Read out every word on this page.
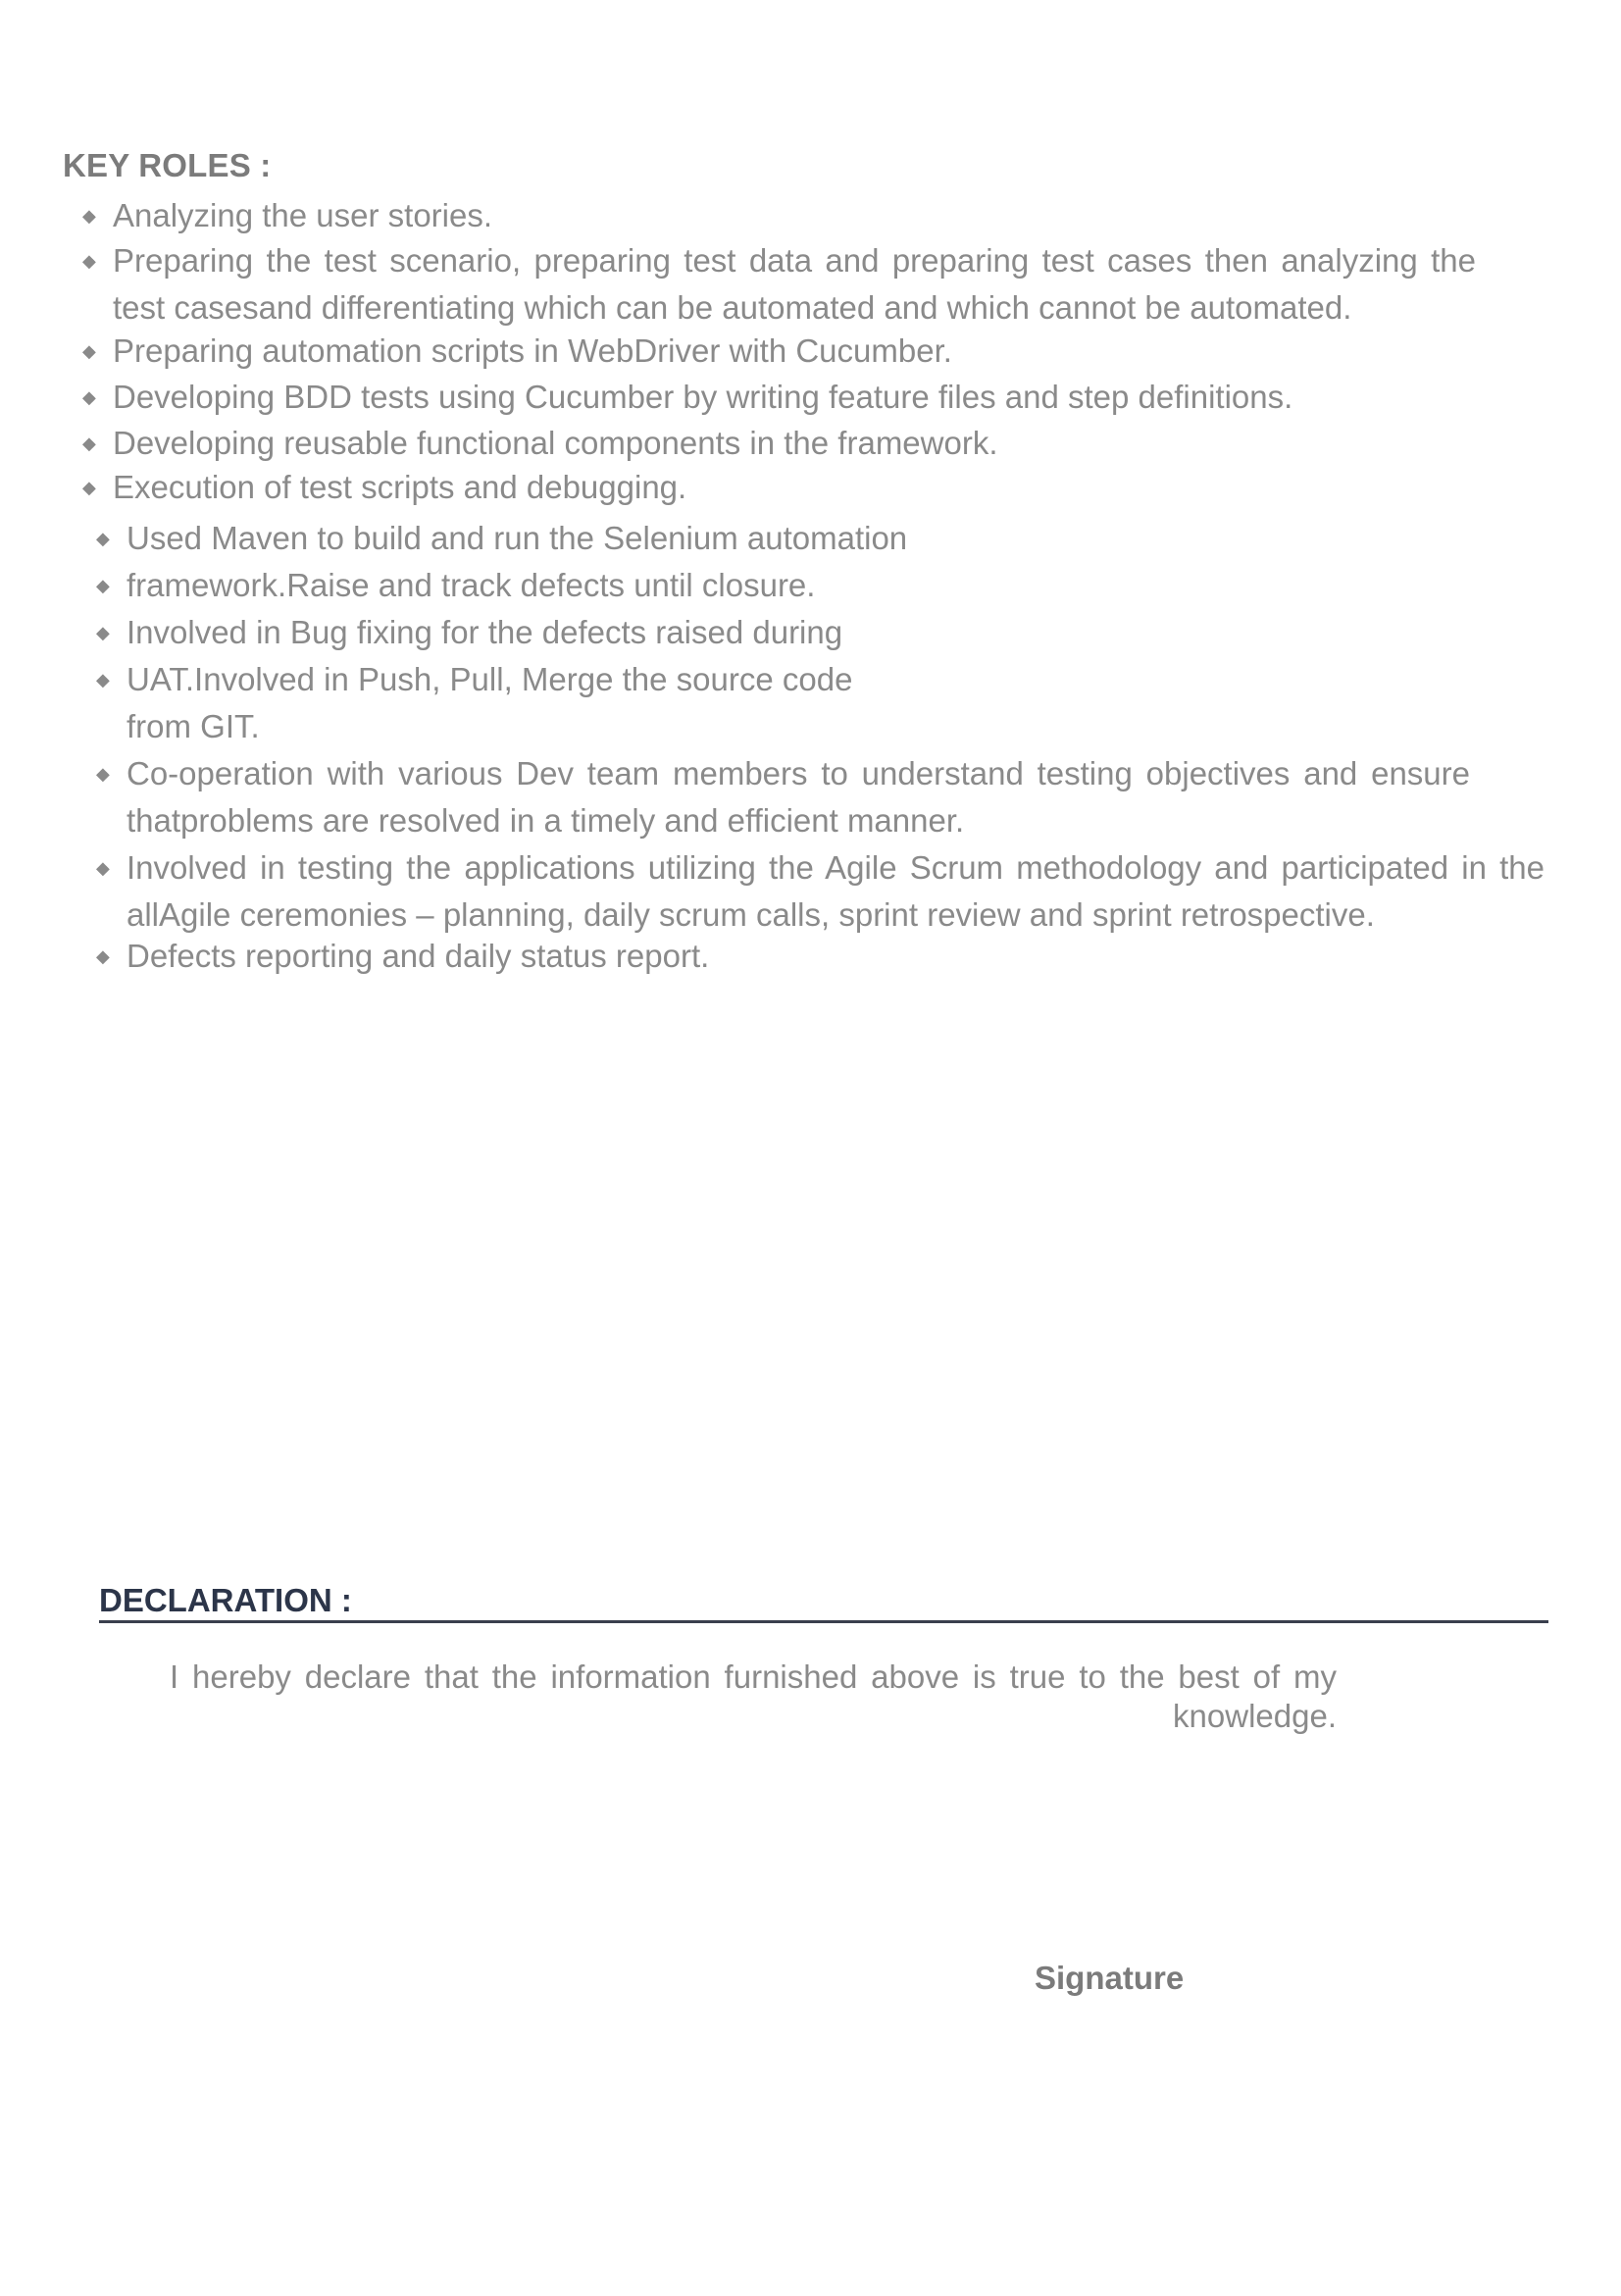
KEY ROLES :
◆ Analyzing the user stories.
◆ Preparing the test scenario, preparing test data and preparing test cases then analyzing the test casesand differentiating which can be automated and which cannot be automated.
◆ Preparing automation scripts in WebDriver with Cucumber.
◆ Developing BDD tests using Cucumber by writing feature files and step definitions.
◆ Developing reusable functional components in the framework.
◆ Execution of test scripts and debugging.
◆ Used Maven to build and run the Selenium automation
◆ framework.Raise and track defects until closure.
◆ Involved in Bug fixing for the defects raised during
◆ UAT.Involved in Push, Pull, Merge the source code from GIT.
◆ Co-operation with various Dev team members to understand testing objectives and ensure thatproblems are resolved in a timely and efficient manner.
◆ Involved in testing the applications utilizing the Agile Scrum methodology and participated in the allAgile ceremonies – planning, daily scrum calls, sprint review and sprint retrospective.
◆ Defects reporting and daily status report.
DECLARATION :

I hereby declare that the information furnished above is true to the best of my knowledge.

Signature
